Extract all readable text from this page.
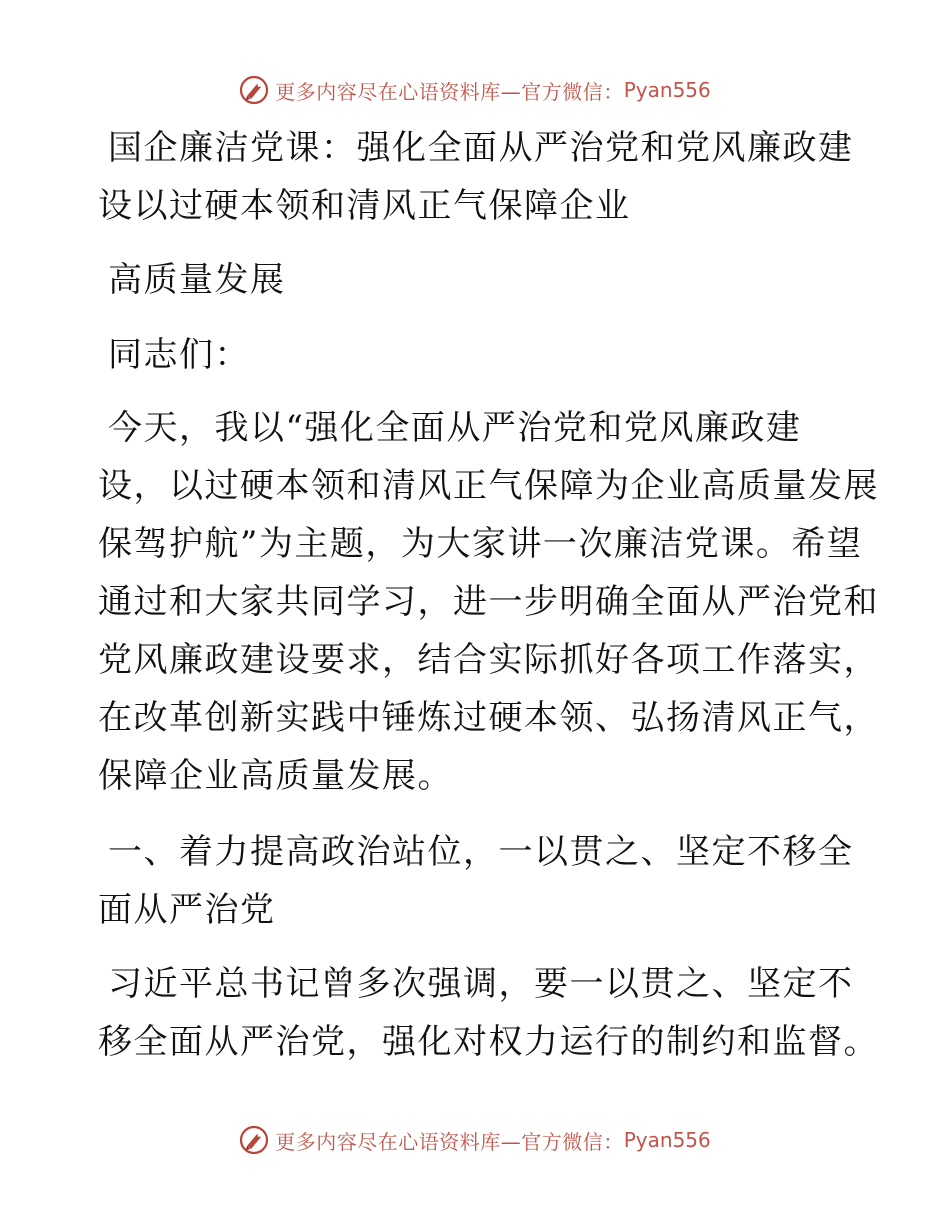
更多内容尽在心语资料库—官方微信： Pyan556
国企廉洁党课：强化全面从严治党和党风廉政建
设以过硬本领和清风正气保障企业
高质量发展
同志们：
今天，我以“强化全面从严治党和党风廉政建
设，以过硬本领和清风正气保障为企业高质量发展
保驾护航”为主题，为大家讲一次廉洁党课。希望
通过和大家共同学习，进一步明确全面从严治党和
党风廉政建设要求，结合实际抓好各项工作落实，
在改革创新实践中锤炼过硬本领、弘扬清风正气，
保障企业高质量发展。
一、着力提高政治站位，一以贯之、坚定不移全
面从严治党
习近平总书记曾多次强调，要一以贯之、坚定不
移全面从严治党，强化对权力运行的制约和监督。
更多内容尽在心语资料库—官方微信： Pyan556
